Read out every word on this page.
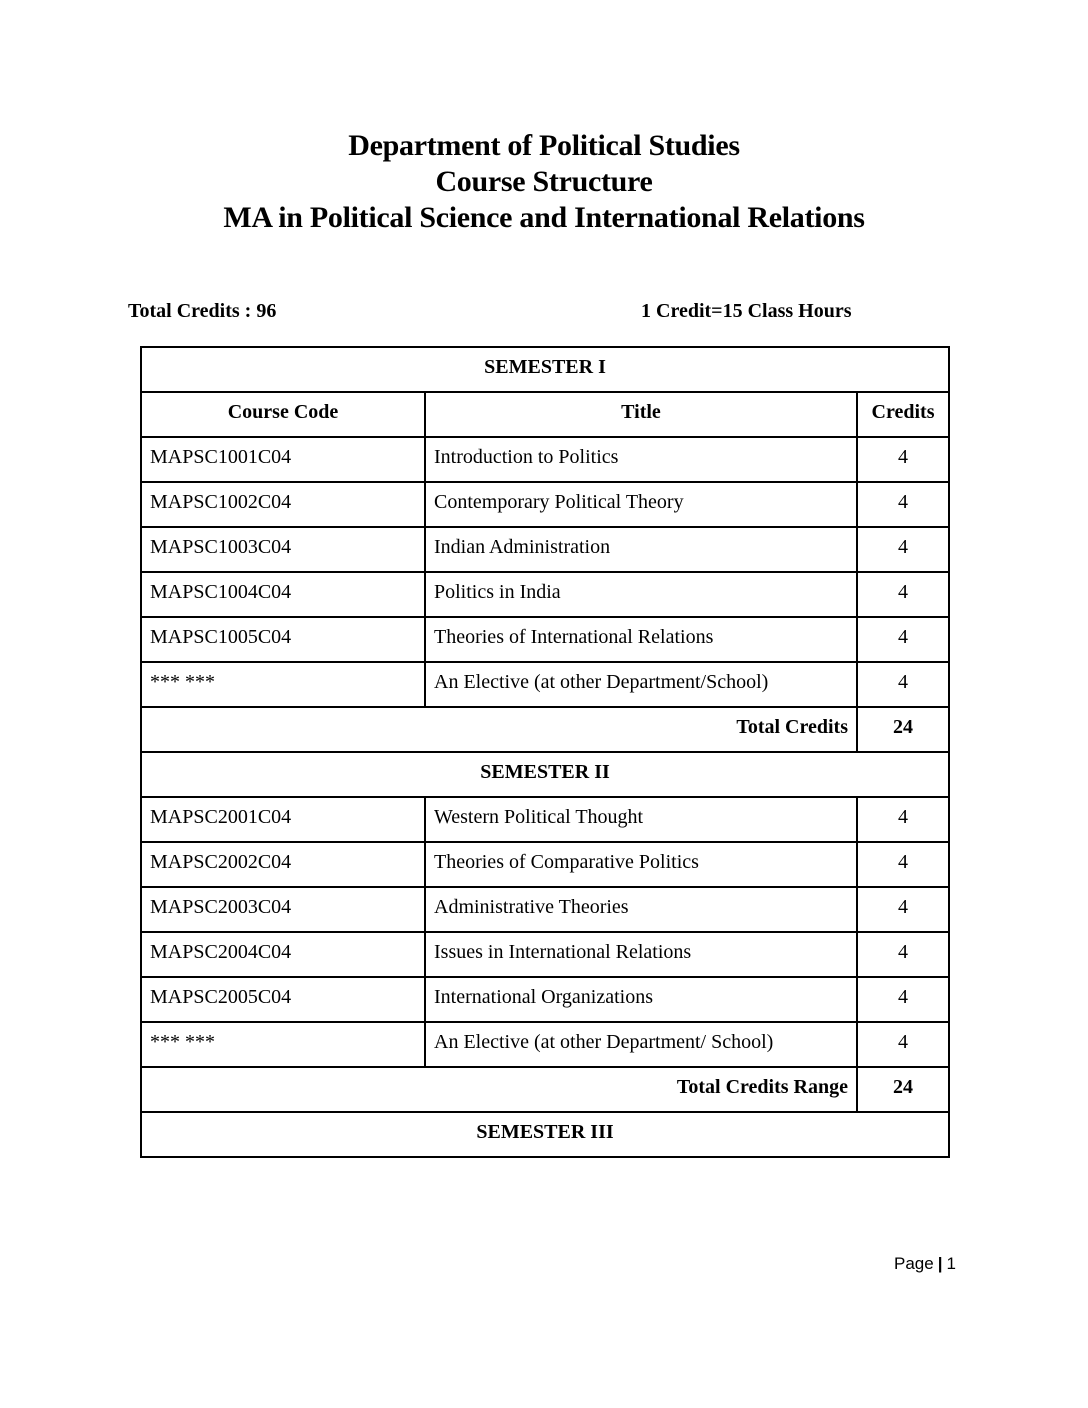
Department of Political Studies
Course Structure
MA in Political Science and International Relations
Total Credits : 96	1 Credit=15 Class Hours
SEMESTER I		
Course Code	Title	Credits
MAPSC1001C04	Introduction to Politics	4
MAPSC1002C04	Contemporary Political Theory	4
MAPSC1003C04	Indian Administration	4
MAPSC1004C04	Politics in India	4
MAPSC1005C04	Theories of International Relations	4
*** ***	An Elective (at other Department/School)	4
Total Credits		24
SEMESTER II		
MAPSC2001C04	Western Political Thought	4
MAPSC2002C04	Theories of Comparative Politics	4
MAPSC2003C04	Administrative Theories	4
MAPSC2004C04	Issues in International Relations	4
MAPSC2005C04	International Organizations	4
*** ***	An Elective (at other Department/ School)	4
Total Credits Range		24
SEMESTER III		
Page | 1
